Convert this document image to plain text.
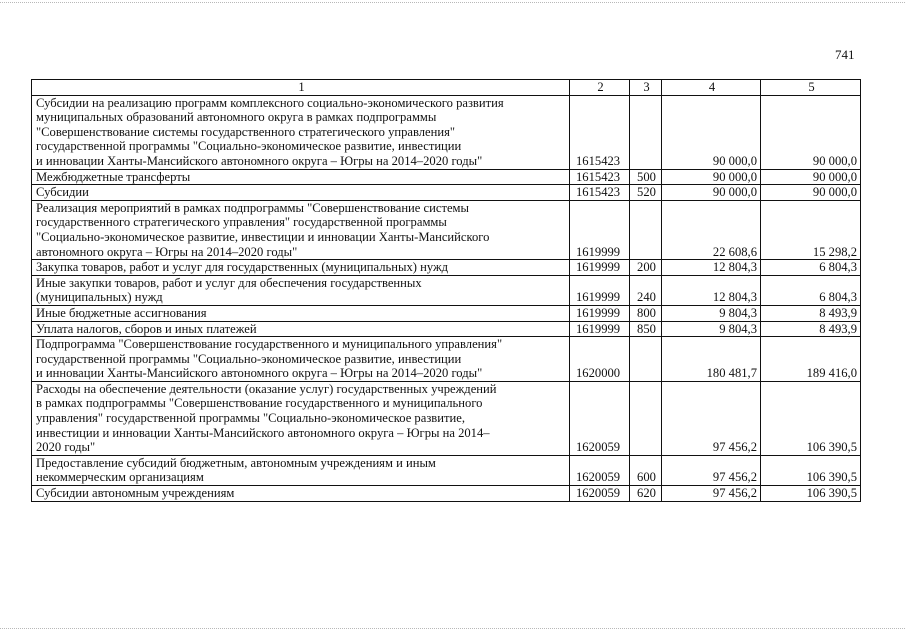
741
1	2	3	4	5

Субсидии на реализацию программ комплексного социально-экономического развития
муниципальных образований автономного округа в рамках подпрограммы
"Совершенствование системы государственного стратегического управления"
государственной программы "Социально-экономическое развитие, инвестиции
и инновации Ханты-Мансийского автономного округа – Югры на 2014–2020 годы"	1615423		90 000,0	90 000,0

Межбюджетные трансферты	1615423	500	90 000,0	90 000,0

Субсидии	1615423	520	90 000,0	90 000,0

Реализация мероприятий в рамках подпрограммы "Совершенствование системы
государственного стратегического управления" государственной программы
"Социально-экономическое развитие, инвестиции и инновации Ханты-Мансийского
автономного округа – Югры на 2014–2020 годы"	1619999		22 608,6	15 298,2

Закупка товаров, работ и услуг для государственных (муниципальных) нужд	1619999	200	12 804,3	6 804,3

Иные закупки товаров, работ и услуг для обеспечения государственных
(муниципальных) нужд	1619999	240	12 804,3	6 804,3

Иные бюджетные ассигнования	1619999	800	9 804,3	8 493,9

Уплата налогов, сборов и иных платежей	1619999	850	9 804,3	8 493,9

Подпрограмма "Совершенствование государственного и муниципального управления"
государственной программы "Социально-экономическое развитие, инвестиции
и инновации Ханты-Мансийского автономного округа – Югры на 2014–2020 годы"	1620000		180 481,7	189 416,0

Расходы на обеспечение деятельности (оказание услуг) государственных учреждений
в рамках подпрограммы "Совершенствование государственного и муниципального
управления" государственной программы "Социально-экономическое развитие,
инвестиции и инновации Ханты-Мансийского автономного округа – Югры на 2014–
2020 годы"	1620059		97 456,2	106 390,5

Предоставление субсидий бюджетным, автономным учреждениям и иным
некоммерческим организациям	1620059	600	97 456,2	106 390,5

Субсидии автономным учреждениям	1620059	620	97 456,2	106 390,5
